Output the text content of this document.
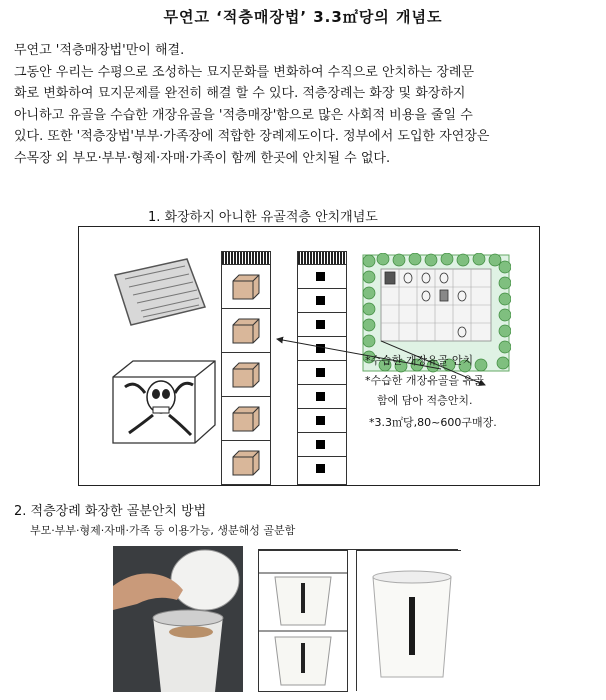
무연고 ‘적층매장법’ 3.3㎡당의 개념도

무연고 '적층매장법'만이 해결.

그동안 우리는 수평으로 조성하는 묘지문화를 변화하여 수직으로 안치하는 장례문

화로 변화하여 묘지문제를 완전히 해결 할 수 있다. 적층장례는 화장 및 화장하지

아니하고 유골을 수습한 개장유골을 '적층매장'함으로 많은 사회적 비용을 줄일 수

있다. 또한 '적층장법'부부·가족장에 적합한 장례제도이다. 정부에서 도입한 자연장은

수목장 외 부모·부부·형제·자매·가족이 함께 한곳에 안치될 수 없다.

1. 화장하지 아니한 유골적층 안치개념도
*수습한 개장유골 안치
*수습한 개장유골을 유골
함에 담아 적층안치.
*3.3㎡당,80~600구매장.
2. 적층장례 화장한 골분안치 방법
부모·부부·형제·자매·가족 등 이용가능, 생분해성 골분함
